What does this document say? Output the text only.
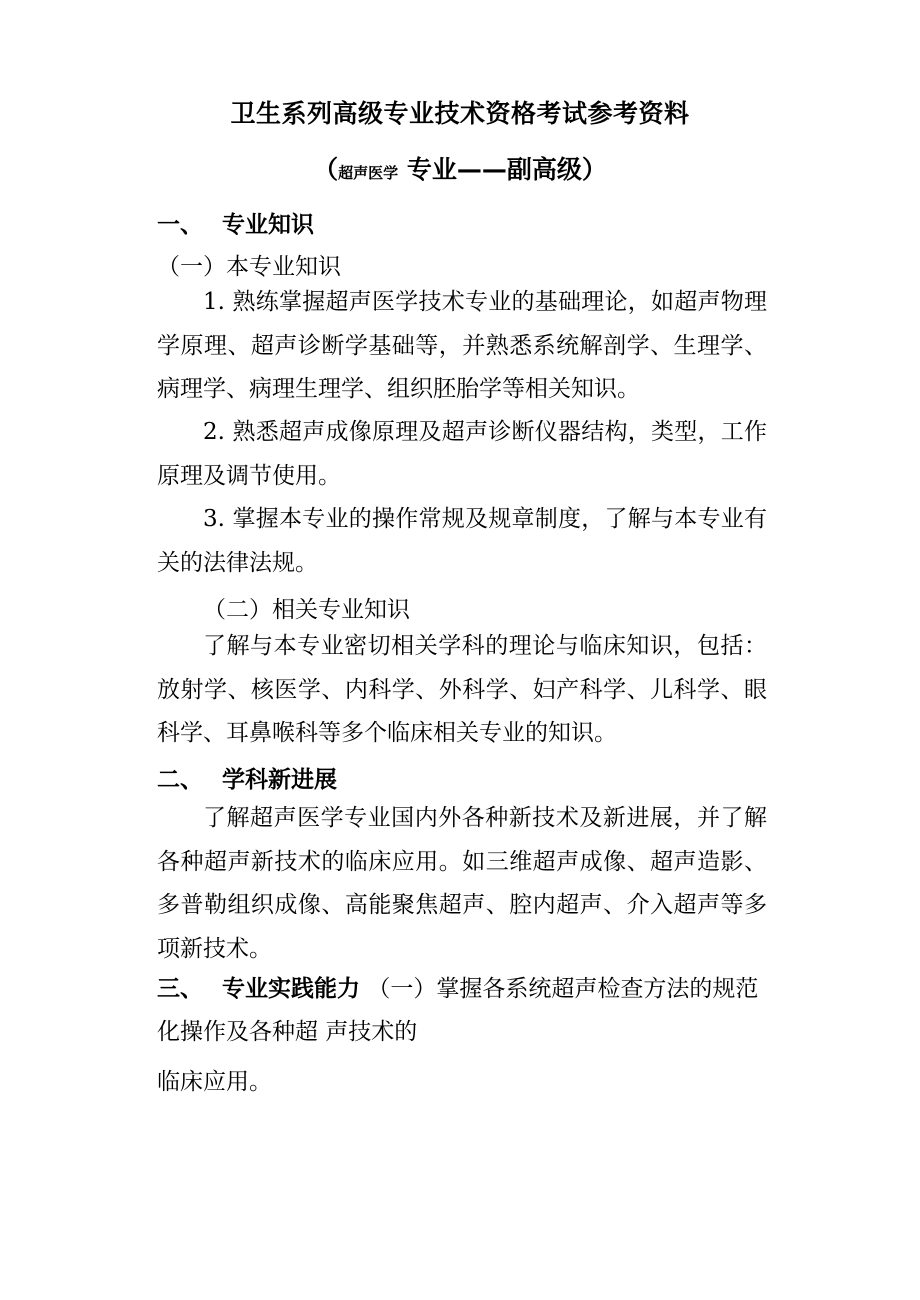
卫生系列高级专业技术资格考试参考资料
（超声医学 专业——副高级）
一、 专业知识
（一）本专业知识

1. 熟练掌握超声医学技术专业的基础理论，如超声物理学原理、超声诊断学基础等，并熟悉系统解剖学、生理学、病理学、病理生理学、组织胚胎学等相关知识。

2. 熟悉超声成像原理及超声诊断仪器结构，类型，工作原理及调节使用。

3. 掌握本专业的操作常规及规章制度，了解与本专业有关的法律法规。

（二）相关专业知识

了解与本专业密切相关学科的理论与临床知识，包括：放射学、核医学、内科学、外科学、妇产科学、儿科学、眼科学、耳鼻喉科等多个临床相关专业的知识。

二、 学科新进展

了解超声医学专业国内外各种新技术及新进展，并了解各种超声新技术的临床应用。如三维超声成像、超声造影、多普勒组织成像、高能聚焦超声、腔内超声、介入超声等多项新技术。

三、 专业实践能力 （一）掌握各系统超声检查方法的规范化操作及各种超 声技术的

临床应用。
